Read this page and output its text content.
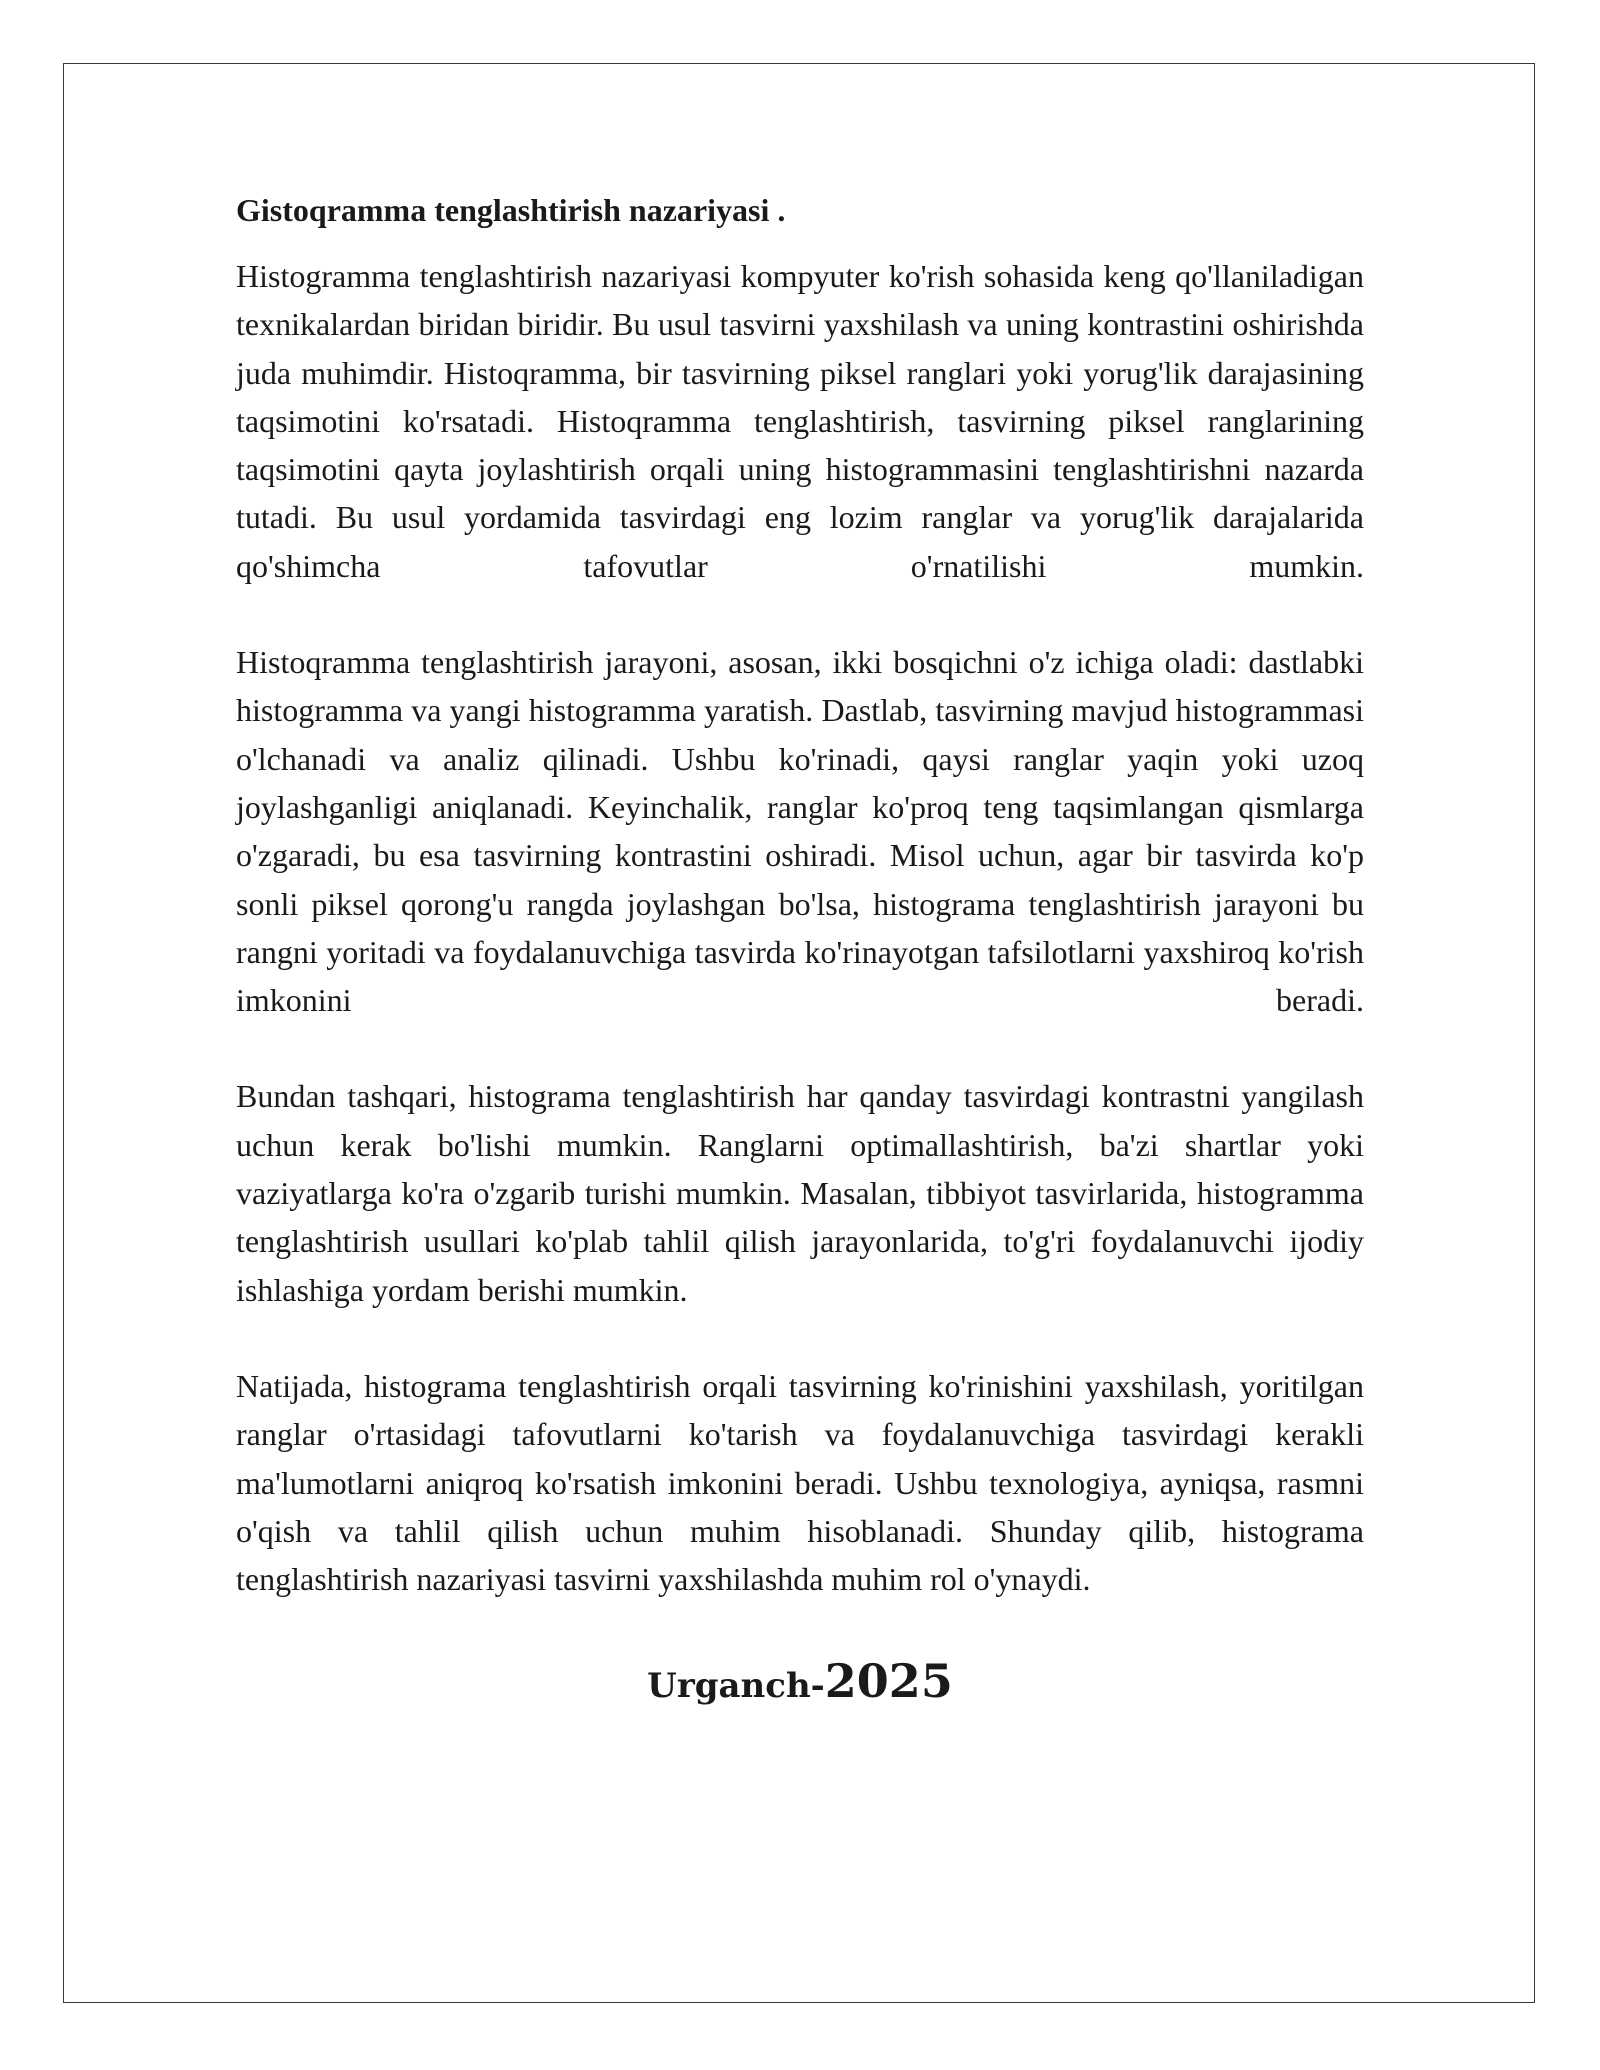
Gistoqramma tenglashtirish nazariyasi .

Histogramma tenglashtirish nazariyasi kompyuter ko'rish sohasida keng qo'llaniladigan texnikalardan biridan biridir. Bu usul tasvirni yaxshilash va uning kontrastini oshirishda juda muhimdir. Histoqramma, bir tasvirning piksel ranglari yoki yorug'lik darajasining taqsimotini ko'rsatadi. Histoqramma tenglashtirish, tasvirning piksel ranglarining taqsimotini qayta joylashtirish orqali uning histogrammasini tenglashtirishni nazarda tutadi. Bu usul yordamida tasvirdagi eng lozim ranglar va yorug'lik darajalarida qo'shimcha tafovutlar o'rnatilishi mumkin.

Histoqramma tenglashtirish jarayoni, asosan, ikki bosqichni o'z ichiga oladi: dastlabki histogramma va yangi histogramma yaratish. Dastlab, tasvirning mavjud histogrammasi o'lchanadi va analiz qilinadi. Ushbu ko'rinadi, qaysi ranglar yaqin yoki uzoq joylashganligi aniqlanadi. Keyinchalik, ranglar ko'proq teng taqsimlangan qismlarga o'zgaradi, bu esa tasvirning kontrastini oshiradi. Misol uchun, agar bir tasvirda ko'p sonli piksel qorong'u rangda joylashgan bo'lsa, histograma tenglashtirish jarayoni bu rangni yoritadi va foydalanuvchiga tasvirda ko'rinayotgan tafsilotlarni yaxshiroq ko'rish imkonini beradi.

Bundan tashqari, histograma tenglashtirish har qanday tasvirdagi kontrastni yangilash uchun kerak bo'lishi mumkin. Ranglarni optimallashtirish, ba'zi shartlar yoki vaziyatlarga ko'ra o'zgarib turishi mumkin. Masalan, tibbiyot tasvirlarida, histogramma tenglashtirish usullari ko'plab tahlil qilish jarayonlarida, to'g'ri foydalanuvchi ijodiy ishlashiga yordam berishi mumkin.

Natijada, histograma tenglashtirish orqali tasvirning ko'rinishini yaxshilash, yoritilgan ranglar o'rtasidagi tafovutlarni ko'tarish va foydalanuvchiga tasvirdagi kerakli ma'lumotlarni aniqroq ko'rsatish imkonini beradi. Ushbu texnologiya, ayniqsa, rasmni o'qish va tahlil qilish uchun muhim hisoblanadi. Shunday qilib, histograma tenglashtirish nazariyasi tasvirni yaxshilashda muhim rol o'ynaydi.

Urganch-2025
